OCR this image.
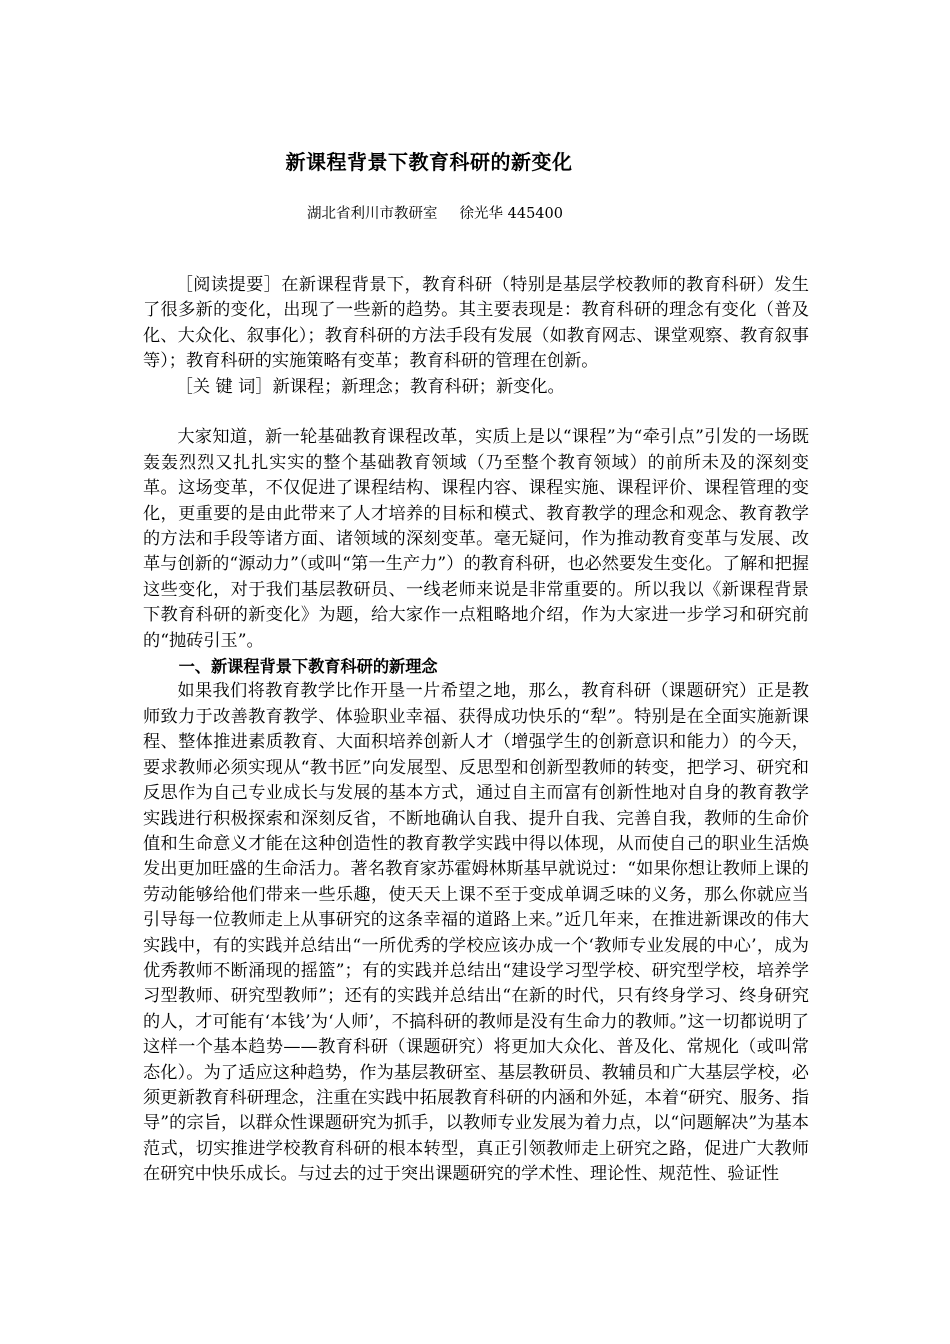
新课程背景下教育科研的新变化
湖北省利川市教研室 徐光华 445400

［阅读提要］在新课程背景下，教育科研（特别是基层学校教师的教育科研）发生了很多新的变化，出现了一些新的趋势。其主要表现是：教育科研的理念有变化（普及化、大众化、叙事化）；教育科研的方法手段有发展（如教育网志、课堂观察、教育叙事等）；教育科研的实施策略有变革；教育科研的管理在创新。

［关 键 词］新课程；新理念；教育科研；新变化。

大家知道，新一轮基础教育课程改革，实质上是以“课程”为“牵引点”引发的一场既轰轰烈烈又扎扎实实的整个基础教育领域（乃至整个教育领域）的前所未及的深刻变革。这场变革，不仅促进了课程结构、课程内容、课程实施、课程评价、课程管理的变化，更重要的是由此带来了人才培养的目标和模式、教育教学的理念和观念、教育教学的方法和手段等诸方面、诸领域的深刻变革。毫无疑问，作为推动教育变革与发展、改革与创新的“源动力”（或叫“第一生产力”）的教育科研，也必然要发生变化。了解和把握这些变化，对于我们基层教研员、一线老师来说是非常重要的。所以我以《新课程背景下教育科研的新变化》为题，给大家作一点粗略地介绍，作为大家进一步学习和研究前的“抛砖引玉”。

一、新课程背景下教育科研的新理念

如果我们将教育教学比作开垦一片希望之地，那么，教育科研（课题研究）正是教师致力于改善教育教学、体验职业幸福、获得成功快乐的“犁”。特别是在全面实施新课程、整体推进素质教育、大面积培养创新人才（增强学生的创新意识和能力）的今天，要求教师必须实现从“教书匠”向发展型、反思型和创新型教师的转变，把学习、研究和反思作为自己专业成长与发展的基本方式，通过自主而富有创新性地对自身的教育教学实践进行积极探索和深刻反省，不断地确认自我、提升自我、完善自我，教师的生命价值和生命意义才能在这种创造性的教育教学实践中得以体现，从而使自己的职业生活焕发出更加旺盛的生命活力。著名教育家苏霍姆林斯基早就说过：“如果你想让教师上课的劳动能够给他们带来一些乐趣，使天天上课不至于变成单调乏味的义务，那么你就应当引导每一位教师走上从事研究的这条幸福的道路上来。”近几年来，在推进新课改的伟大实践中，有的实践并总结出“一所优秀的学校应该办成一个‘教师专业发展的中心’，成为优秀教师不断涌现的摇篮”；有的实践并总结出“建设学习型学校、研究型学校，培养学习型教师、研究型教师”；还有的实践并总结出“在新的时代，只有终身学习、终身研究的人，才可能有‘本钱’为‘人师’，不搞科研的教师是没有生命力的教师。”这一切都说明了这样一个基本趋势——教育科研（课题研究）将更加大众化、普及化、常规化（或叫常态化）。为了适应这种趋势，作为基层教研室、基层教研员、教辅员和广大基层学校，必须更新教育科研理念，注重在实践中拓展教育科研的内涵和外延，本着“研究、服务、指导”的宗旨，以群众性课题研究为抓手，以教师专业发展为着力点，以“问题解决”为基本范式，切实推进学校教育科研的根本转型，真正引领教师走上研究之路，促进广大教师在研究中快乐成长。与过去的过于突出课题研究的学术性、理论性、规范性、验证性
